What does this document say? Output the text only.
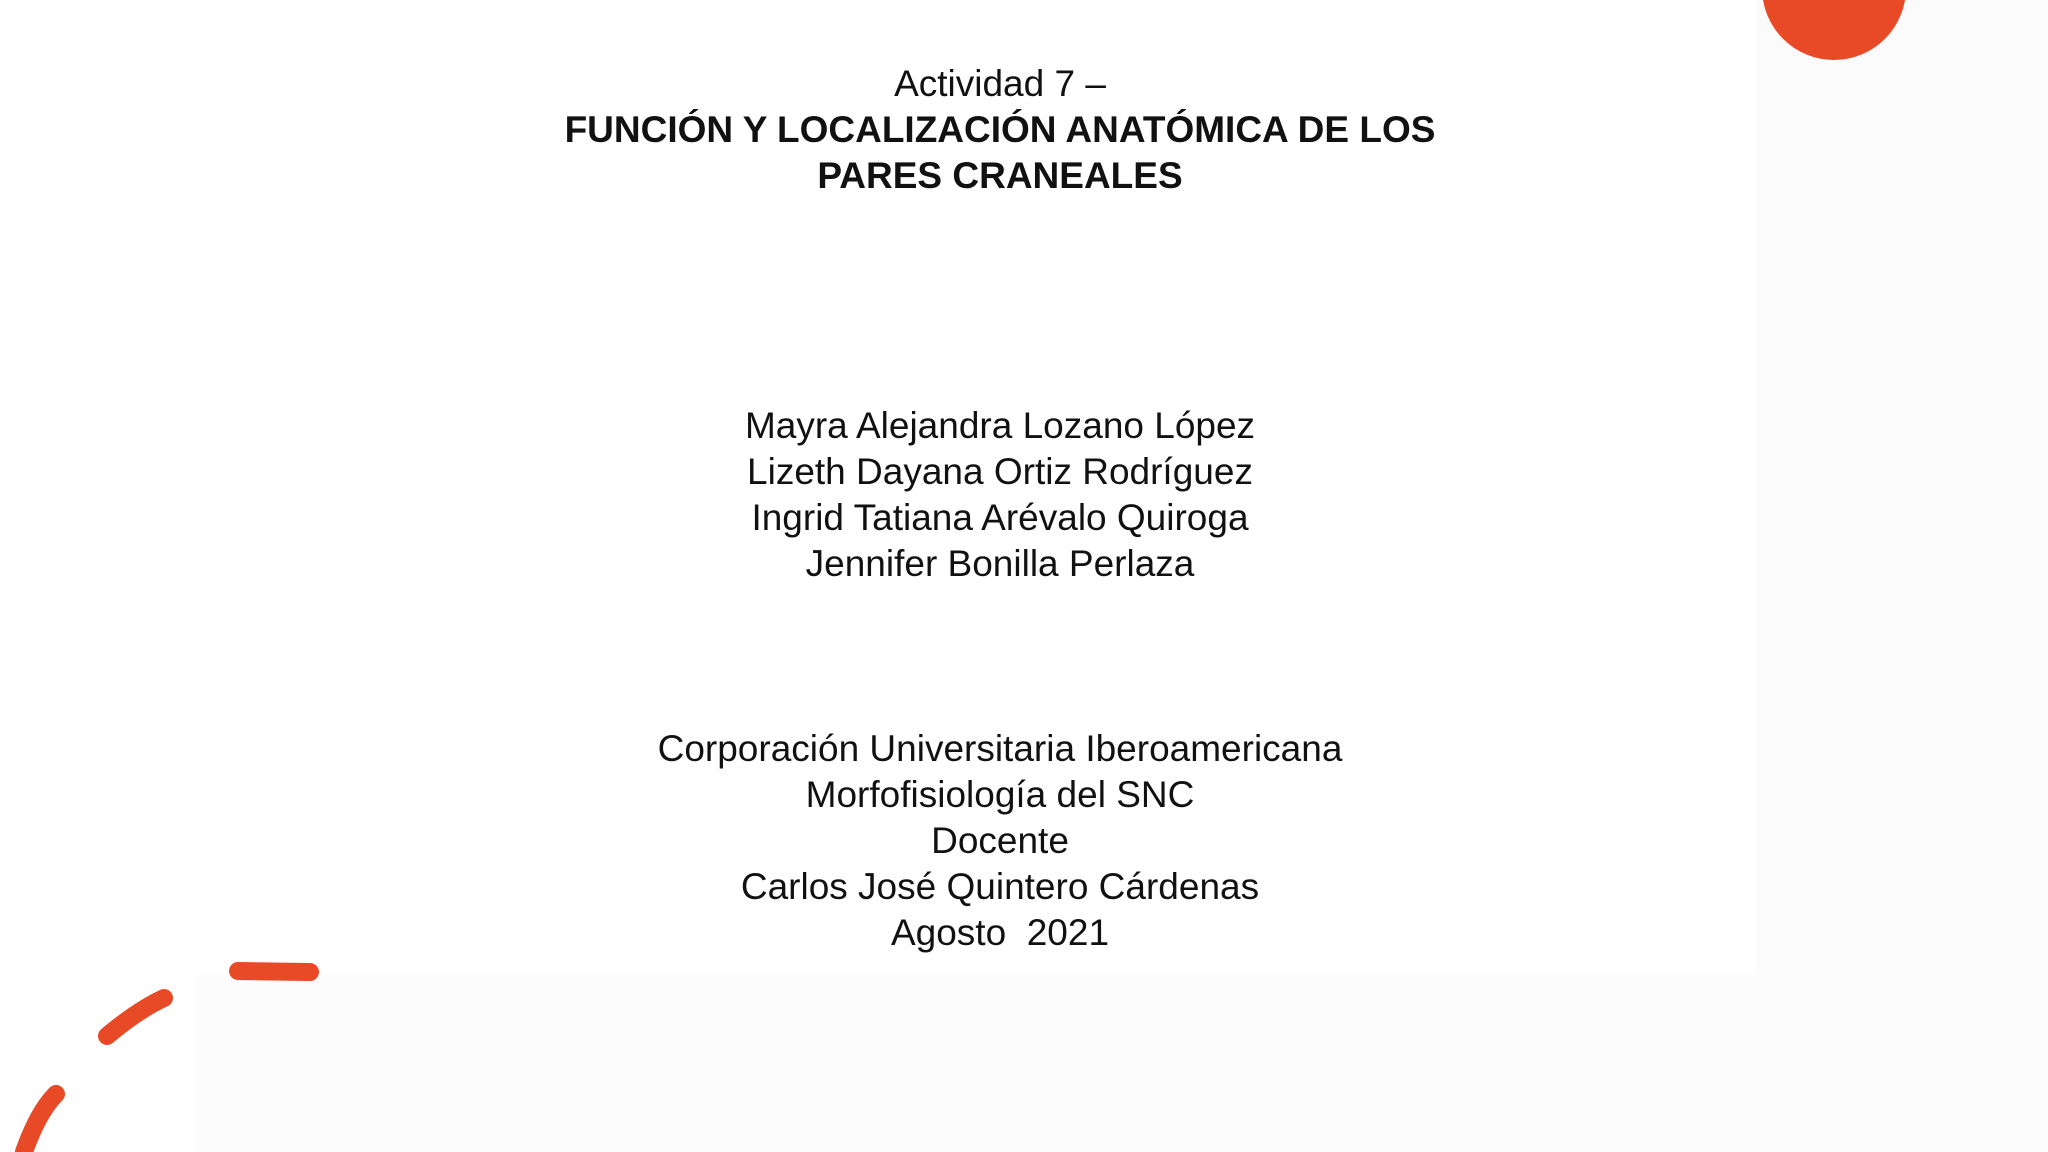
Actividad 7 –
FUNCIÓN Y LOCALIZACIÓN ANATÓMICA DE LOS
PARES CRANEALES
Mayra Alejandra Lozano López
Lizeth Dayana Ortiz Rodríguez
Ingrid Tatiana Arévalo Quiroga
Jennifer Bonilla Perlaza
Corporación Universitaria Iberoamericana
Morfofisiología del SNC
Docente
Carlos José Quintero Cárdenas
Agosto  2021
